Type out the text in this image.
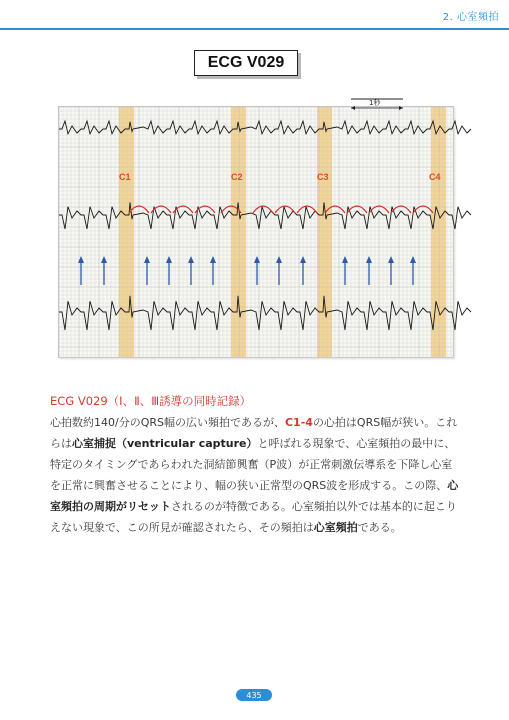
2. 心室頻拍
ECG V029
C1	C2	C3	C4
1秒
ECG V029（Ⅰ、Ⅱ、Ⅲ誘導の同時記録）
心拍数約140/分のQRS幅の広い頻拍であるが、C1-4の心拍はQRS幅が狭い。これらは心室捕捉（ventricular capture）と呼ばれる現象で、心室頻拍の最中に、特定のタイミングであらわれた洞結節興奮（P波）が正常刺激伝導系を下降し心室を正常に興奮させることにより、幅の狭い正常型のQRS波を形成する。この際、心室頻拍の周期がリセットされるのが特徴である。心室頻拍以外では基本的に起こりえない現象で、この所見が確認されたら、その頻拍は心室頻拍である。
435
